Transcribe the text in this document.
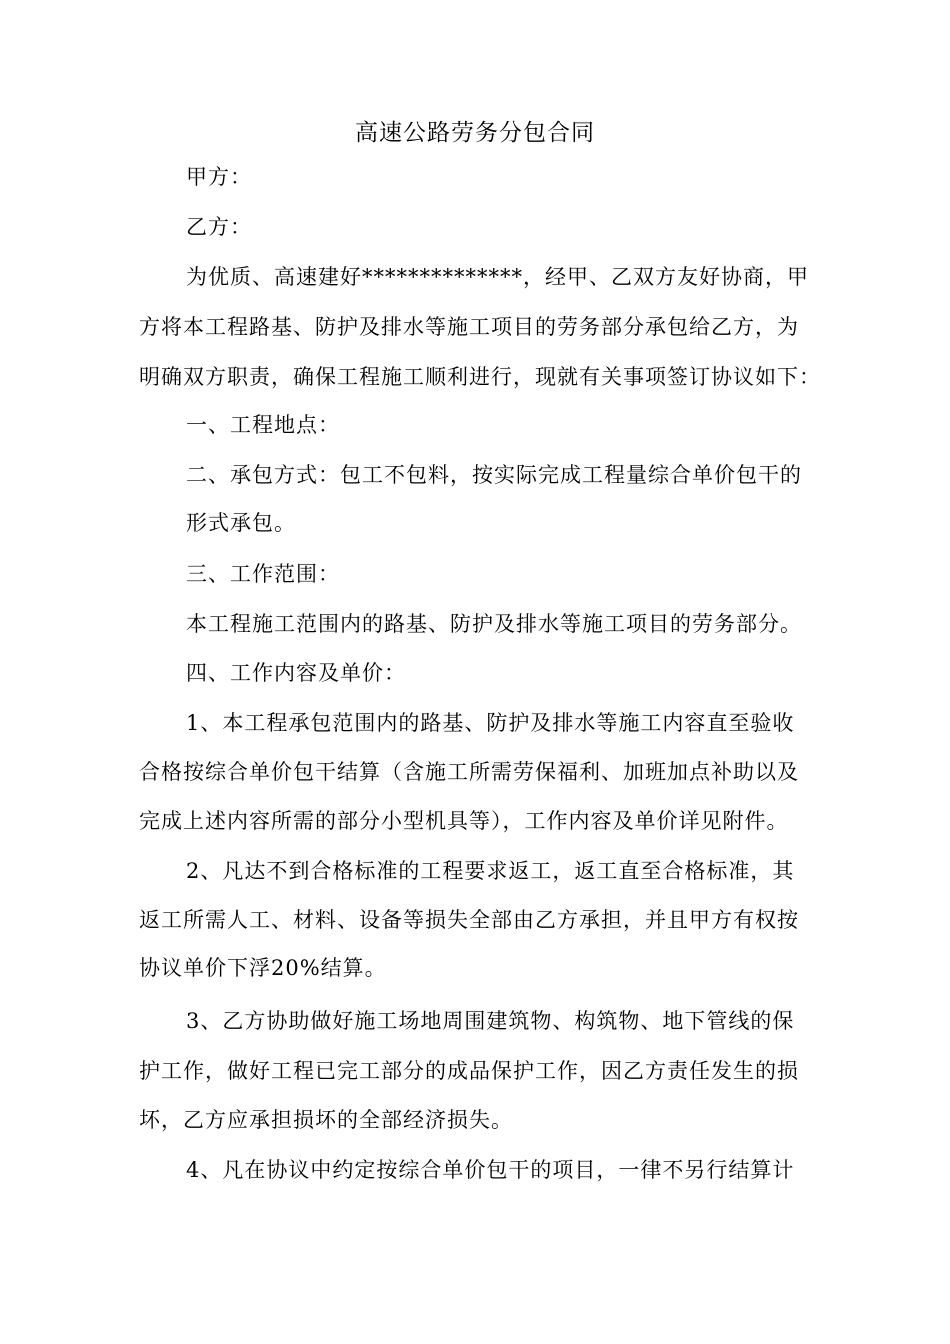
高速公路劳务分包合同
甲方：
乙方：
为优质、高速建好**************，经甲、乙双方友好协商，甲
方将本工程路基、防护及排水等施工项目的劳务部分承包给乙方，为
明确双方职责，确保工程施工顺利进行，现就有关事项签订协议如下：
一、工程地点：
二、承包方式：包工不包料，按实际完成工程量综合单价包干的
形式承包。
三、工作范围：
本工程施工范围内的路基、防护及排水等施工项目的劳务部分。
四、工作内容及单价：
1、本工程承包范围内的路基、防护及排水等施工内容直至验收
合格按综合单价包干结算（含施工所需劳保福利、加班加点补助以及
完成上述内容所需的部分小型机具等），工作内容及单价详见附件。
2、凡达不到合格标准的工程要求返工，返工直至合格标准，其
返工所需人工、材料、设备等损失全部由乙方承担，并且甲方有权按
协议单价下浮20%结算。
3、乙方协助做好施工场地周围建筑物、构筑物、地下管线的保
护工作，做好工程已完工部分的成品保护工作，因乙方责任发生的损
坏，乙方应承担损坏的全部经济损失。
4、凡在协议中约定按综合单价包干的项目，一律不另行结算计
